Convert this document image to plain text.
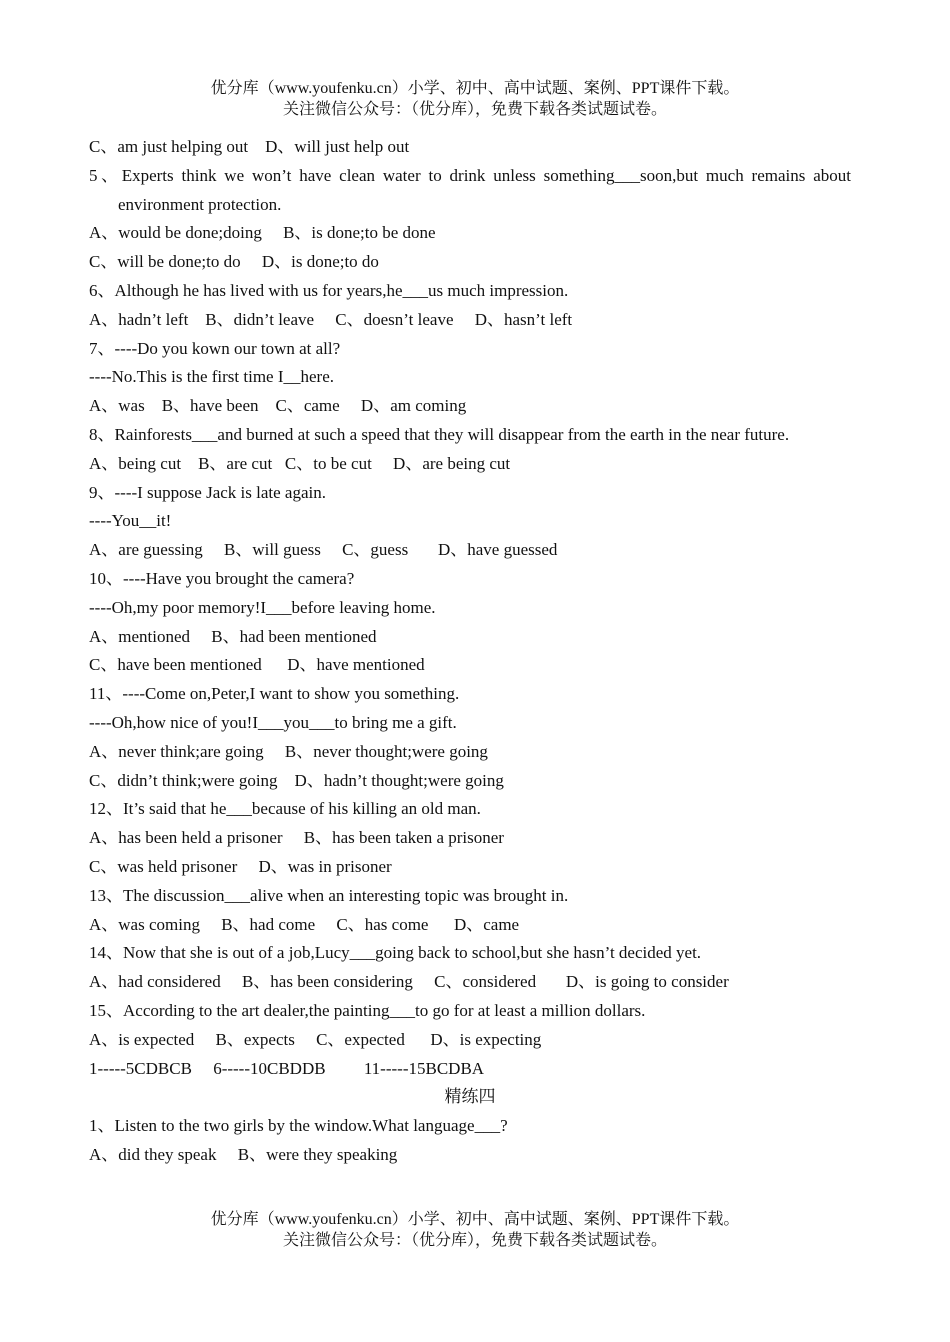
优分库（www.youfenku.cn）小学、初中、高中试题、案例、PPT课件下载。
关注微信公众号：（优分库），免费下载各类试题试卷。
C、am just helping out    D、will just help out
5、Experts think we won’t have clean water to drink unless something___soon,but much remains about environment protection.
A、would be done;doing     B、is done;to be done
C、will be done;to do     D、is done;to do
6、Although he has lived with us for years,he___us much impression.
A、hadn’t left    B、didn’t leave     C、doesn’t leave     D、hasn’t left
7、----Do you kown our town at all?
----No.This is the first time I__here.
A、was    B、have been    C、came     D、am coming
8、Rainforests___and burned at such a speed that they will disappear from the earth in the near future.
A、being cut    B、are cut   C、to be cut     D、are being cut
9、----I suppose Jack is late again.
----You__it!
A、are guessing     B、will guess     C、guess       D、have guessed
10、----Have you brought the camera?
----Oh,my poor memory!I___before leaving home.
A、mentioned     B、had been mentioned
C、have been mentioned      D、have mentioned
11、----Come on,Peter,I want to show you something.
----Oh,how nice of you!I___you___to bring me a gift.
A、never think;are going     B、never thought;were going
C、didn’t think;were going    D、hadn’t thought;were going
12、It’s said that he___because of his killing an old man.
A、has been held a prisoner     B、has been taken a prisoner
C、was held prisoner     D、was in prisoner
13、The discussion___alive when an interesting topic was brought in.
A、was coming     B、had come     C、has come      D、came
14、Now that she is out of a job,Lucy___going back to school,but she hasn’t decided yet.
A、had considered     B、has been considering     C、considered       D、is going to consider
15、According to the art dealer,the painting___to go for at least a million dollars.
A、is expected     B、expects     C、expected      D、is expecting
1-----5CDBCB     6-----10CBDDB         11-----15BCDBA
精练四
1、Listen to the two girls by the window.What language___?
A、did they speak     B、were they speaking
优分库（www.youfenku.cn）小学、初中、高中试题、案例、PPT课件下载。
关注微信公众号：（优分库），免费下载各类试题试卷。
